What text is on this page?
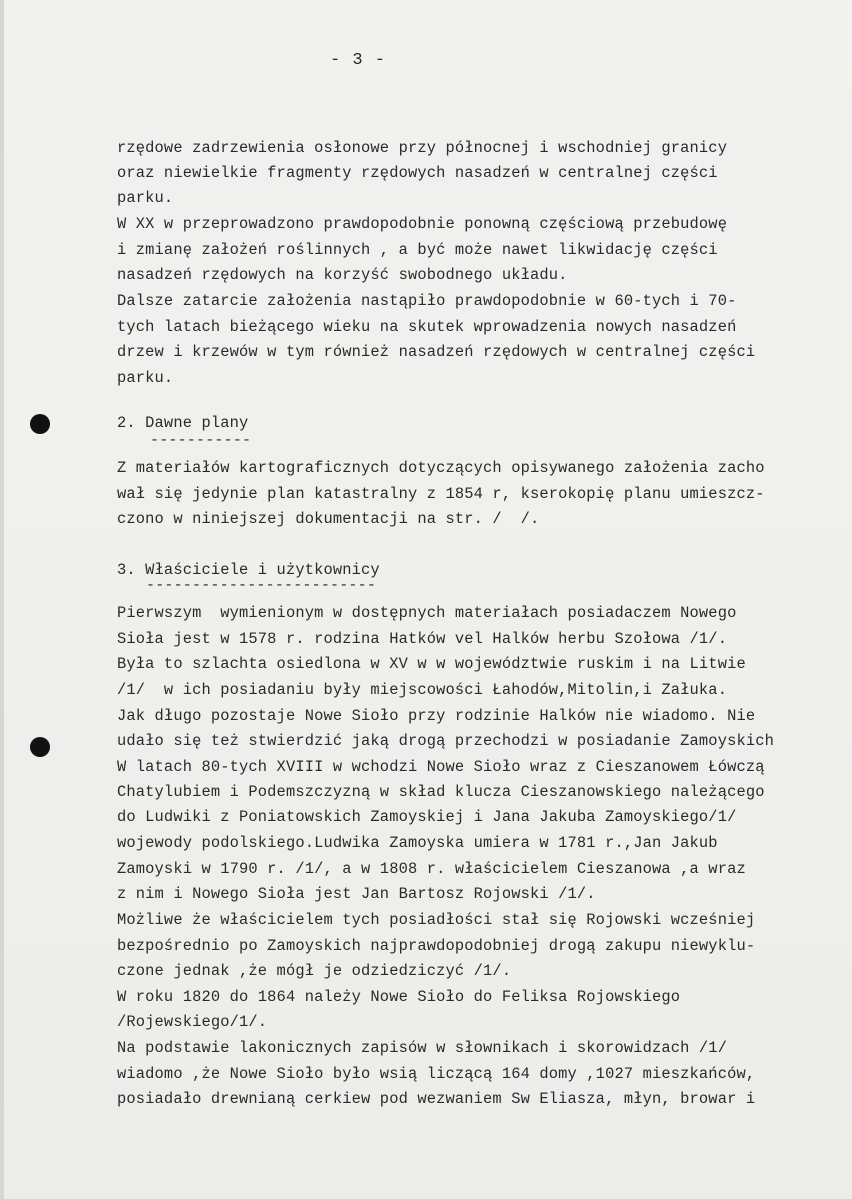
- 3 -
rzędowe zadrzewienia osłonowe przy północnej i wschodniej granicy
oraz niewielkie fragmenty rzędowych nasadzeń w centralnej części
parku.
W XX w przeprowadzono prawdopodobnie ponowną częściową przebudowę
i zmianę założeń roślinnych , a być może nawet likwidację części
nasadzeń rzędowych na korzyść swobodnego układu.
Dalsze zatarcie założenia nastąpiło prawdopodobnie w 60-tych i 70-
tych latach bieżącego wieku na skutek wprowadzenia nowych nasadzeń
drzew i krzewów w tym również nasadzeń rzędowych w centralnej części
parku.
2. Dawne plany
-----------
Z materiałów kartograficznych dotyczących opisywanego założenia zacho
wał się jedynie plan katastralny z 1854 r, kserokopię planu umieszcz-
czono w niniejszej dokumentacji na str. /  /.
3. Właściciele i użytkownicy
-------------------------
Pierwszym  wymienionym w dostępnych materiałach posiadaczem Nowego
Sioła jest w 1578 r. rodzina Hatków vel Halków herbu Szołowa /1/.
Była to szlachta osiedlona w XV w w województwie ruskim i na Litwie
/1/  w ich posiadaniu były miejscowości Łahodów,Mitolin,i Załuka.
Jak długo pozostaje Nowe Sioło przy rodzinie Halków nie wiadomo. Nie
udało się też stwierdzić jaką drogą przechodzi w posiadanie Zamoyskich
W latach 80-tych XVIII w wchodzi Nowe Sioło wraz z Cieszanowem Łówczą
Chatylubiem i Podemszczyzną w skład klucza Cieszanowskiego należącego
do Ludwiki z Poniatowskich Zamoyskiej i Jana Jakuba Zamoyskiego/1/
wojewody podolskiego.Ludwika Zamoyska umiera w 1781 r.,Jan Jakub
Zamoyski w 1790 r. /1/, a w 1808 r. właścicielem Cieszanowa ,a wraz
z nim i Nowego Sioła jest Jan Bartosz Rojowski /1/.
Możliwe że właścicielem tych posiadłości stał się Rojowski wcześniej
bezpośrednio po Zamoyskich najprawdopodobniej drogą zakupu niewyklu-
czone jednak ,że mógł je odziedziczyć /1/.
W roku 1820 do 1864 należy Nowe Sioło do Feliksa Rojowskiego
/Rojewskiego/1/.
Na podstawie lakonicznych zapisów w słownikach i skorowidzach /1/
wiadomo ,że Nowe Sioło było wsią liczącą 164 domy ,1027 mieszkańców,
posiadało drewnianą cerkiew pod wezwaniem Sw Eliasza, młyn, browar i
